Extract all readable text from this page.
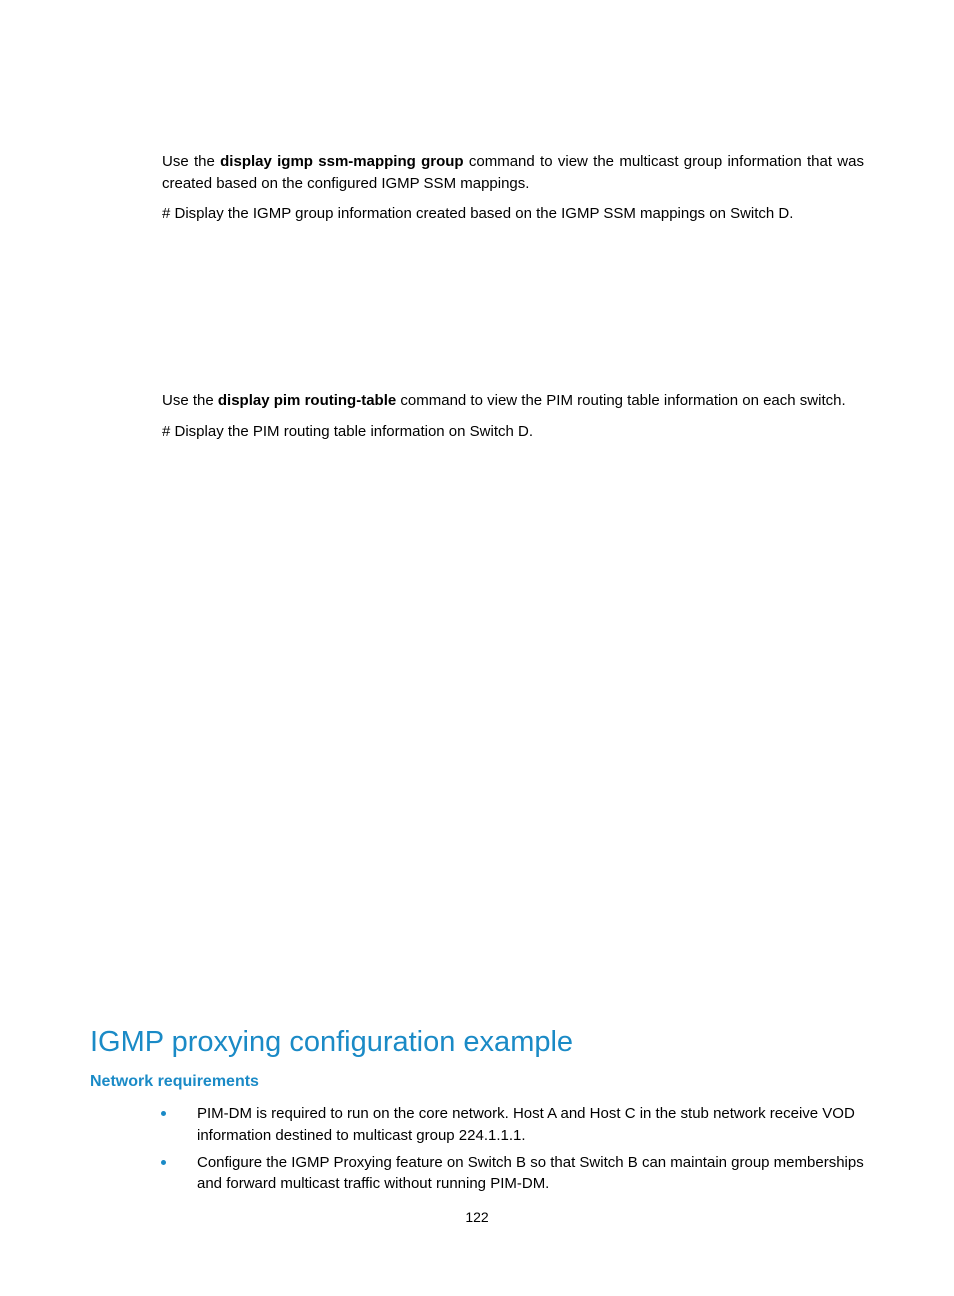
Use the display igmp ssm-mapping group command to view the multicast group information that was created based on the configured IGMP SSM mappings.

# Display the IGMP group information created based on the IGMP SSM mappings on Switch D.

Use the display pim routing-table command to view the PIM routing table information on each switch.

# Display the PIM routing table information on Switch D.

IGMP proxying configuration example
Network requirements
PIM-DM is required to run on the core network. Host A and Host C in the stub network receive VOD information destined to multicast group 224.1.1.1.
Configure the IGMP Proxying feature on Switch B so that Switch B can maintain group memberships and forward multicast traffic without running PIM-DM.

122
